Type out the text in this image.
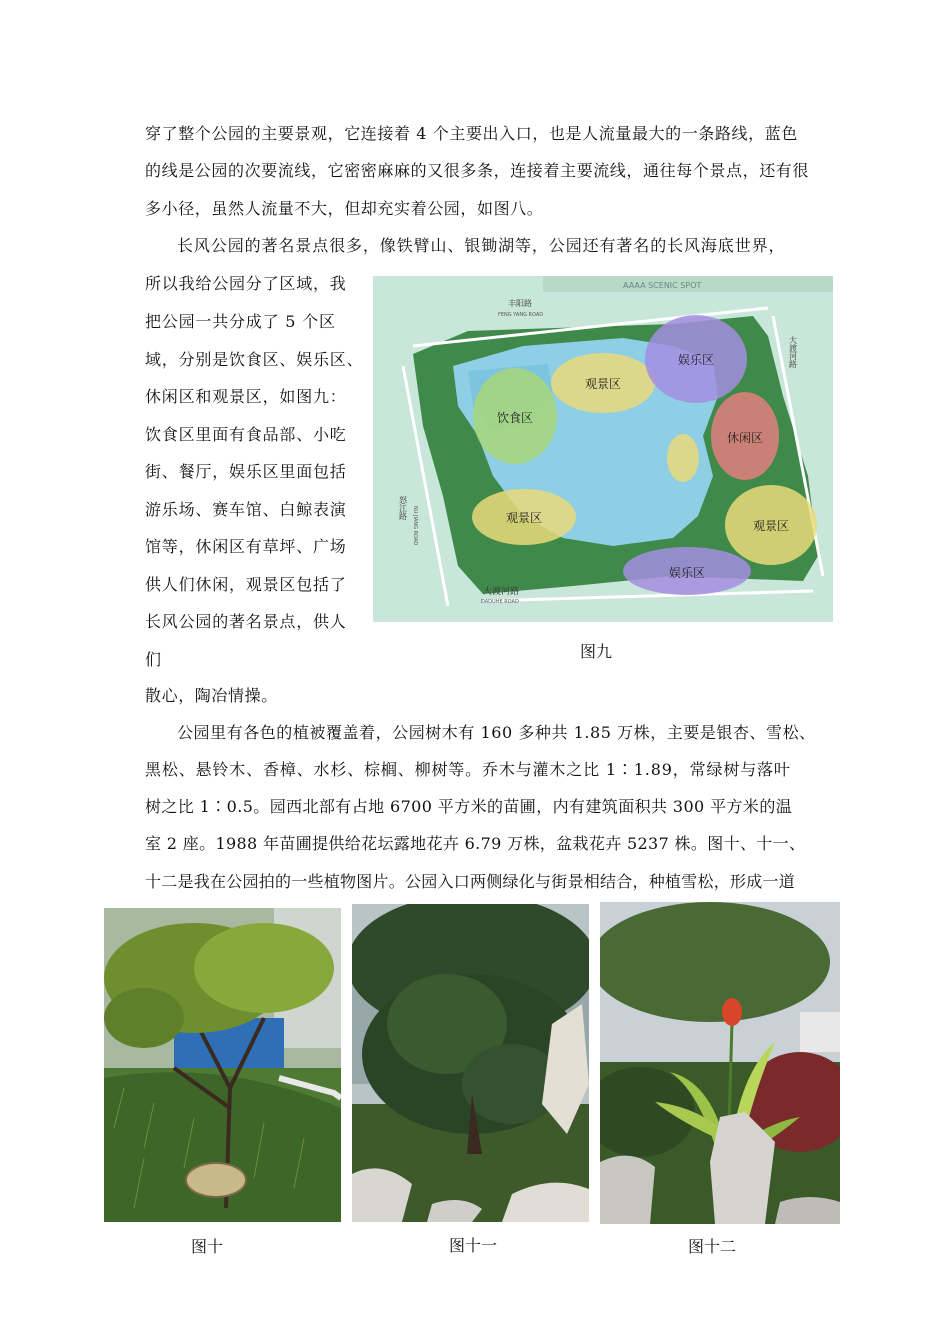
穿了整个公园的主要景观，它连接着 4 个主要出入口，也是人流量最大的一条路线，蓝色
的线是公园的次要流线，它密密麻麻的又很多条，连接着主要流线，通往每个景点，还有很
多小径，虽然人流量不大，但却充实着公园，如图八。
长风公园的著名景点很多，像铁臂山、银锄湖等，公园还有著名的长风海底世界，
所以我给公园分了区域，我
把公园一共分成了 5 个区
域，分别是饮食区、娱乐区、
休闲区和观景区，如图九：
饮食区里面有食品部、小吃
街、餐厅，娱乐区里面包括
游乐场、赛车馆、白鲸表演
馆等，休闲区有草坪、广场
供人们休闲，观景区包括了
长风公园的著名景点，供人
们
散心，陶冶情操。
AAAA SCENIC SPOT
丰阳路
FENG YANG ROAD
大渡河路
DADUHE ROAD
大渡河路
怒江路 NU JIANG ROAD
饮食区
观景区
娱乐区
休闲区
观景区
观景区
娱乐区
图九
公园里有各色的植被覆盖着，公园树木有 160 多种共 1.85 万株，主要是银杏、雪松、
黑松、悬铃木、香樟、水杉、棕榈、柳树等。乔木与灌木之比 1∶1.89，常绿树与落叶
树之比 1∶0.5。园西北部有占地 6700 平方米的苗圃，内有建筑面积共 300 平方米的温
室 2 座。1988 年苗圃提供给花坛露地花卉 6.79 万株，盆栽花卉 5237 株。图十、十一、
十二是我在公园拍的一些植物图片。公园入口两侧绿化与街景相结合，种植雪松，形成一道
图十	图十一	图十二
